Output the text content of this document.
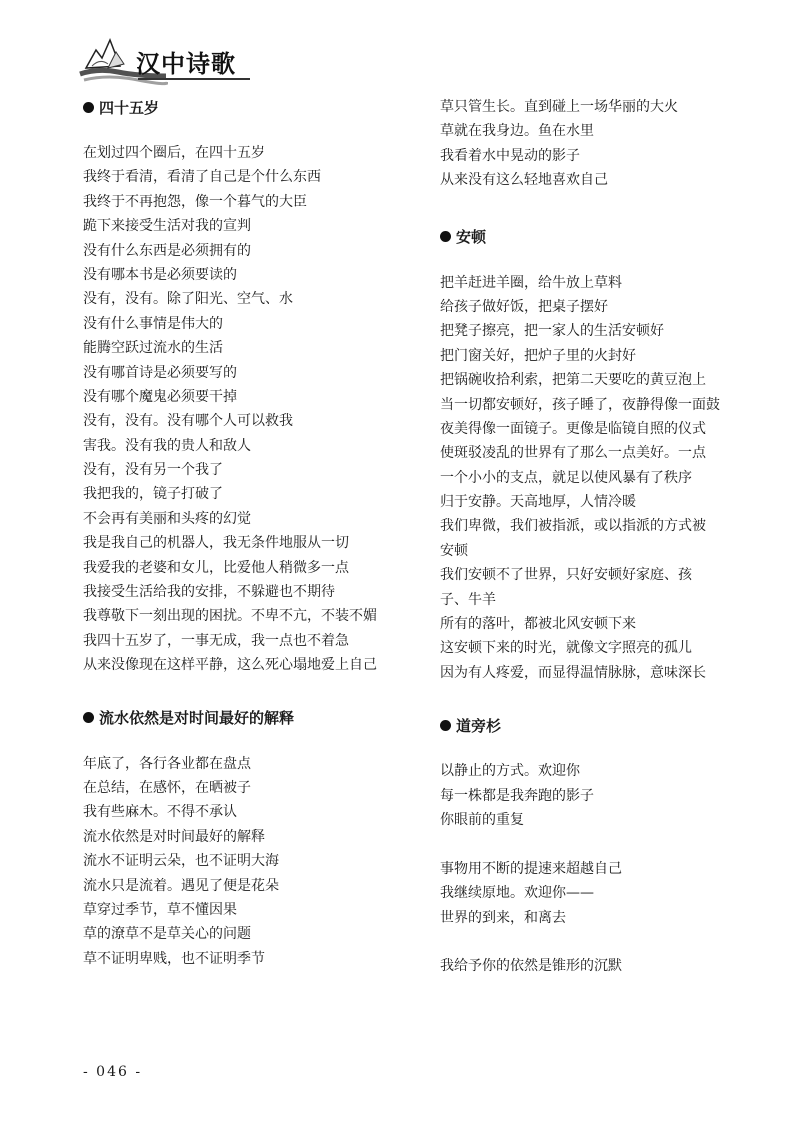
汉中诗歌
四十五岁
在划过四个圈后，在四十五岁
我终于看清，看清了自己是个什么东西
我终于不再抱怨，像一个暮气的大臣
跪下来接受生活对我的宣判
没有什么东西是必须拥有的
没有哪本书是必须要读的
没有，没有。除了阳光、空气、水
没有什么事情是伟大的
能腾空跃过流水的生活
没有哪首诗是必须要写的
没有哪个魔鬼必须要干掉
没有，没有。没有哪个人可以救我
害我。没有我的贵人和敌人
没有，没有另一个我了
我把我的，镜子打破了
不会再有美丽和头疼的幻觉
我是我自己的机器人，我无条件地服从一切
我爱我的老婆和女儿，比爱他人稍微多一点
我接受生活给我的安排，不躲避也不期待
我尊敬下一刻出现的困扰。不卑不亢，不装不媚
我四十五岁了，一事无成，我一点也不着急
从来没像现在这样平静，这么死心塌地爱上自己
流水依然是对时间最好的解释
年底了，各行各业都在盘点
在总结，在感怀，在晒被子
我有些麻木。不得不承认
流水依然是对时间最好的解释
流水不证明云朵，也不证明大海
流水只是流着。遇见了便是花朵
草穿过季节，草不懂因果
草的潦草不是草关心的问题
草不证明卑贱，也不证明季节
草只管生长。直到碰上一场华丽的大火
草就在我身边。鱼在水里
我看着水中晃动的影子
从来没有这么轻地喜欢自己
安顿
把羊赶进羊圈，给牛放上草料
给孩子做好饭，把桌子摆好
把凳子擦亮，把一家人的生活安顿好
把门窗关好，把炉子里的火封好
把锅碗收拾利索，把第二天要吃的黄豆泡上
当一切都安顿好，孩子睡了，夜静得像一面鼓
夜美得像一面镜子。更像是临镜自照的仪式
使斑驳凌乱的世界有了那么一点美好。一点
一个小小的支点，就足以使风暴有了秩序
归于安静。天高地厚，人情冷暖
我们卑微，我们被指派，或以指派的方式被
安顿
我们安顿不了世界，只好安顿好家庭、孩
子、牛羊
所有的落叶，都被北风安顿下来
这安顿下来的时光，就像文字照亮的孤儿
因为有人疼爱，而显得温情脉脉，意味深长
道旁杉
以静止的方式。欢迎你
每一株都是我奔跑的影子
你眼前的重复
事物用不断的提速来超越自己
我继续原地。欢迎你——
世界的到来，和离去
我给予你的依然是锥形的沉默
- 046 -
